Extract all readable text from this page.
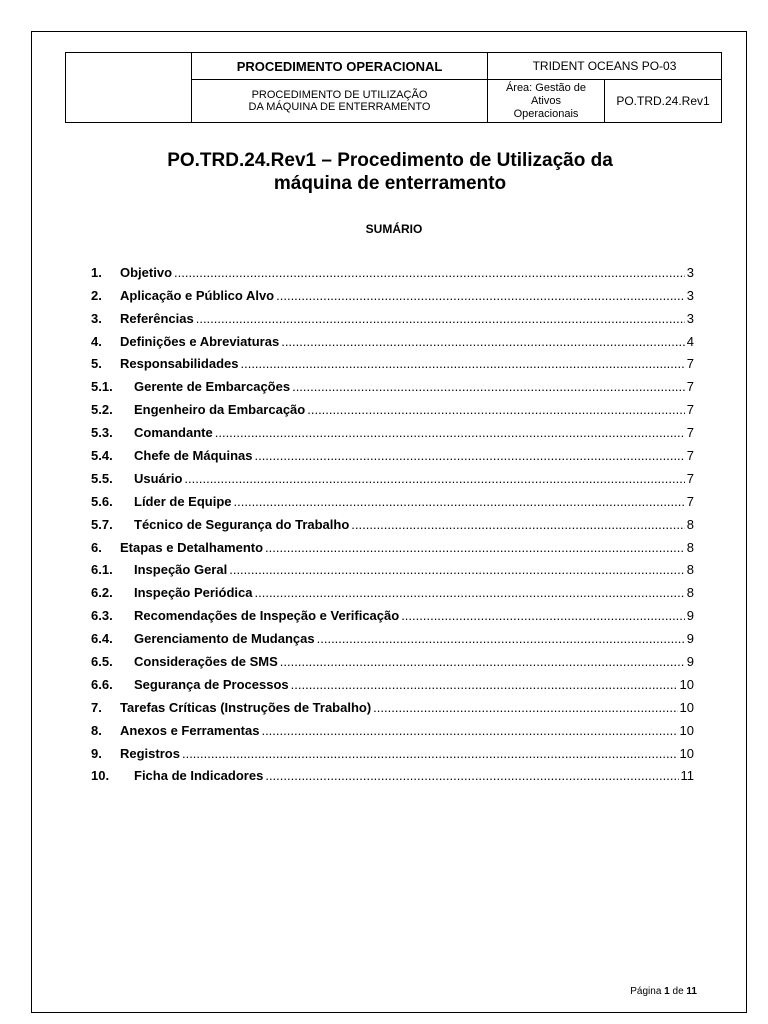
	PROCEDIMENTO OPERACIONAL	TRIDENT OCEANS PO-03	
	PROCEDIMENTO DE UTILIZAÇÃO
DA MÁQUINA DE ENTERRAMENTO	Área: Gestão de
Ativos
Operacionais	PO.TRD.24.Rev1
PO.TRD.24.Rev1 – Procedimento de Utilização da
máquina de enterramento
SUMÁRIO
1.	Objetivo .....	3
2.	Aplicação e Público Alvo .....	3
3.	Referências .....	3
4.	Definições e Abreviaturas .....	4
5.	Responsabilidades .....	7
5.1.	Gerente de Embarcações .....	7
5.2.	Engenheiro da Embarcação .....	7
5.3.	Comandante .....	7
5.4.	Chefe de Máquinas .....	7
5.5.	Usuário .....	7
5.6.	Líder de Equipe .....	7
5.7.	Técnico de Segurança do Trabalho .....	8
6.	Etapas e Detalhamento .....	8
6.1.	Inspeção Geral .....	8
6.2.	Inspeção Periódica .....	8
6.3.	Recomendações de Inspeção e Verificação .....	9
6.4.	Gerenciamento de Mudanças .....	9
6.5.	Considerações de SMS .....	9
6.6.	Segurança de Processos .....	10
7.	Tarefas Críticas (Instruções de Trabalho) .....	10
8.	Anexos e Ferramentas .....	10
9.	Registros .....	10
10.	Ficha de Indicadores .....	11
Página 1 de 11
